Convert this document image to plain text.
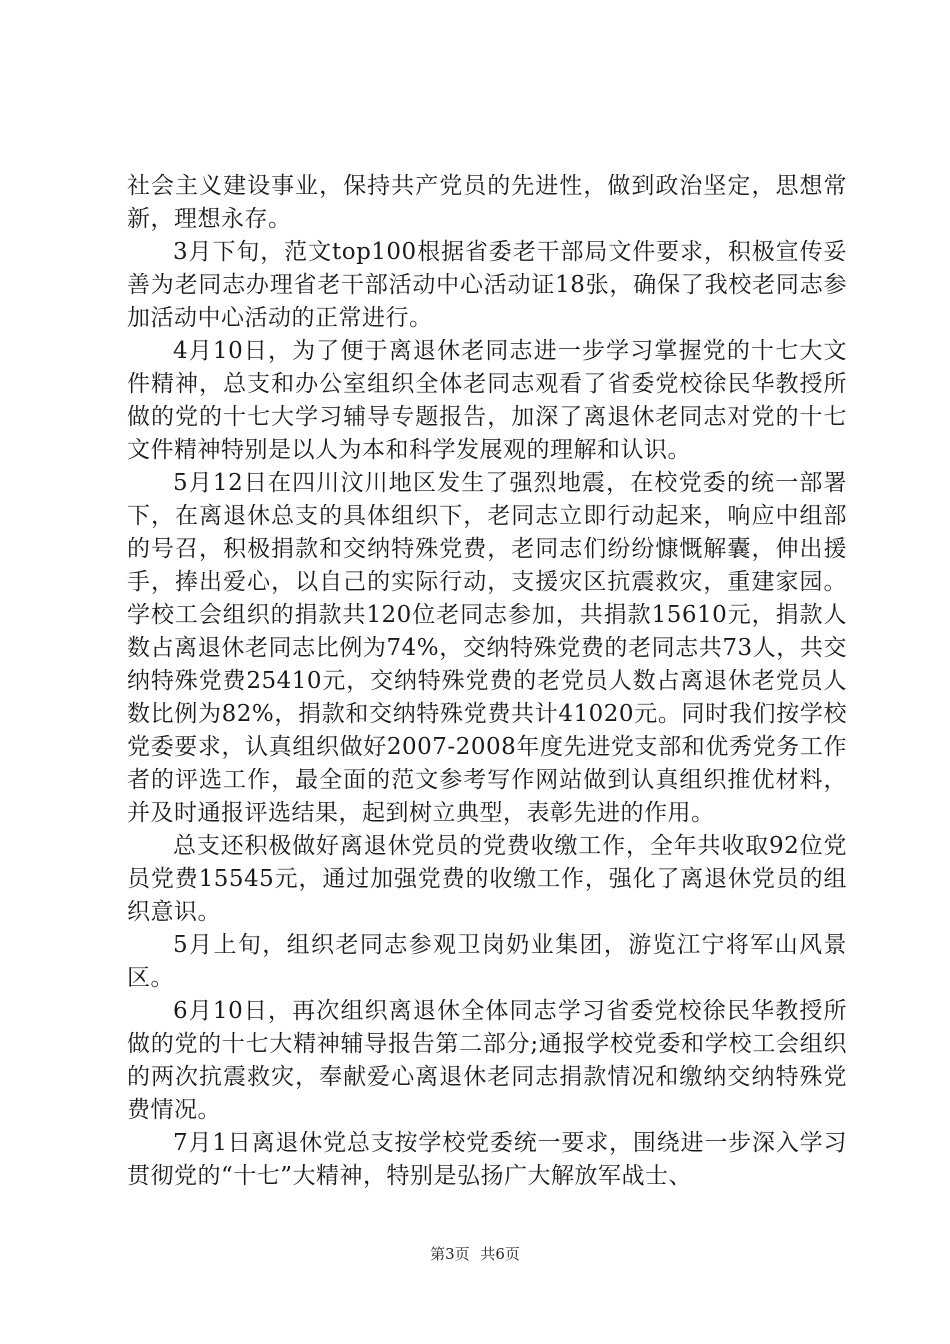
社会主义建设事业，保持共产党员的先进性，做到政治坚定，思想常新，理想永存。

3月下旬，范文top100根据省委老干部局文件要求，积极宣传妥善为老同志办理省老干部活动中心活动证18张，确保了我校老同志参加活动中心活动的正常进行。

4月10日，为了便于离退休老同志进一步学习掌握党的十七大文件精神，总支和办公室组织全体老同志观看了省委党校徐民华教授所做的党的十七大学习辅导专题报告，加深了离退休老同志对党的十七文件精神特别是以人为本和科学发展观的理解和认识。

5月12日在四川汶川地区发生了强烈地震，在校党委的统一部署下，在离退休总支的具体组织下，老同志立即行动起来，响应中组部的号召，积极捐款和交纳特殊党费，老同志们纷纷慷慨解囊，伸出援手，捧出爱心，以自己的实际行动，支援灾区抗震救灾，重建家园。学校工会组织的捐款共120位老同志参加，共捐款15610元，捐款人数占离退休老同志比例为74%，交纳特殊党费的老同志共73人，共交纳特殊党费25410元，交纳特殊党费的老党员人数占离退休老党员人数比例为82%，捐款和交纳特殊党费共计41020元。同时我们按学校党委要求，认真组织做好2007-2008年度先进党支部和优秀党务工作者的评选工作，最全面的范文参考写作网站做到认真组织推优材料，并及时通报评选结果，起到树立典型，表彰先进的作用。

总支还积极做好离退休党员的党费收缴工作，全年共收取92位党员党费15545元，通过加强党费的收缴工作，强化了离退休党员的组织意识。

5月上旬，组织老同志参观卫岗奶业集团，游览江宁将军山风景区。

6月10日，再次组织离退休全体同志学习省委党校徐民华教授所做的党的十七大精神辅导报告第二部分;通报学校党委和学校工会组织的两次抗震救灾，奉献爱心离退休老同志捐款情况和缴纳交纳特殊党费情况。

7月1日离退休党总支按学校党委统一要求，围绕进一步深入学习贯彻党的“十七”大精神，特别是弘扬广大解放军战士、

第3页 共6页
